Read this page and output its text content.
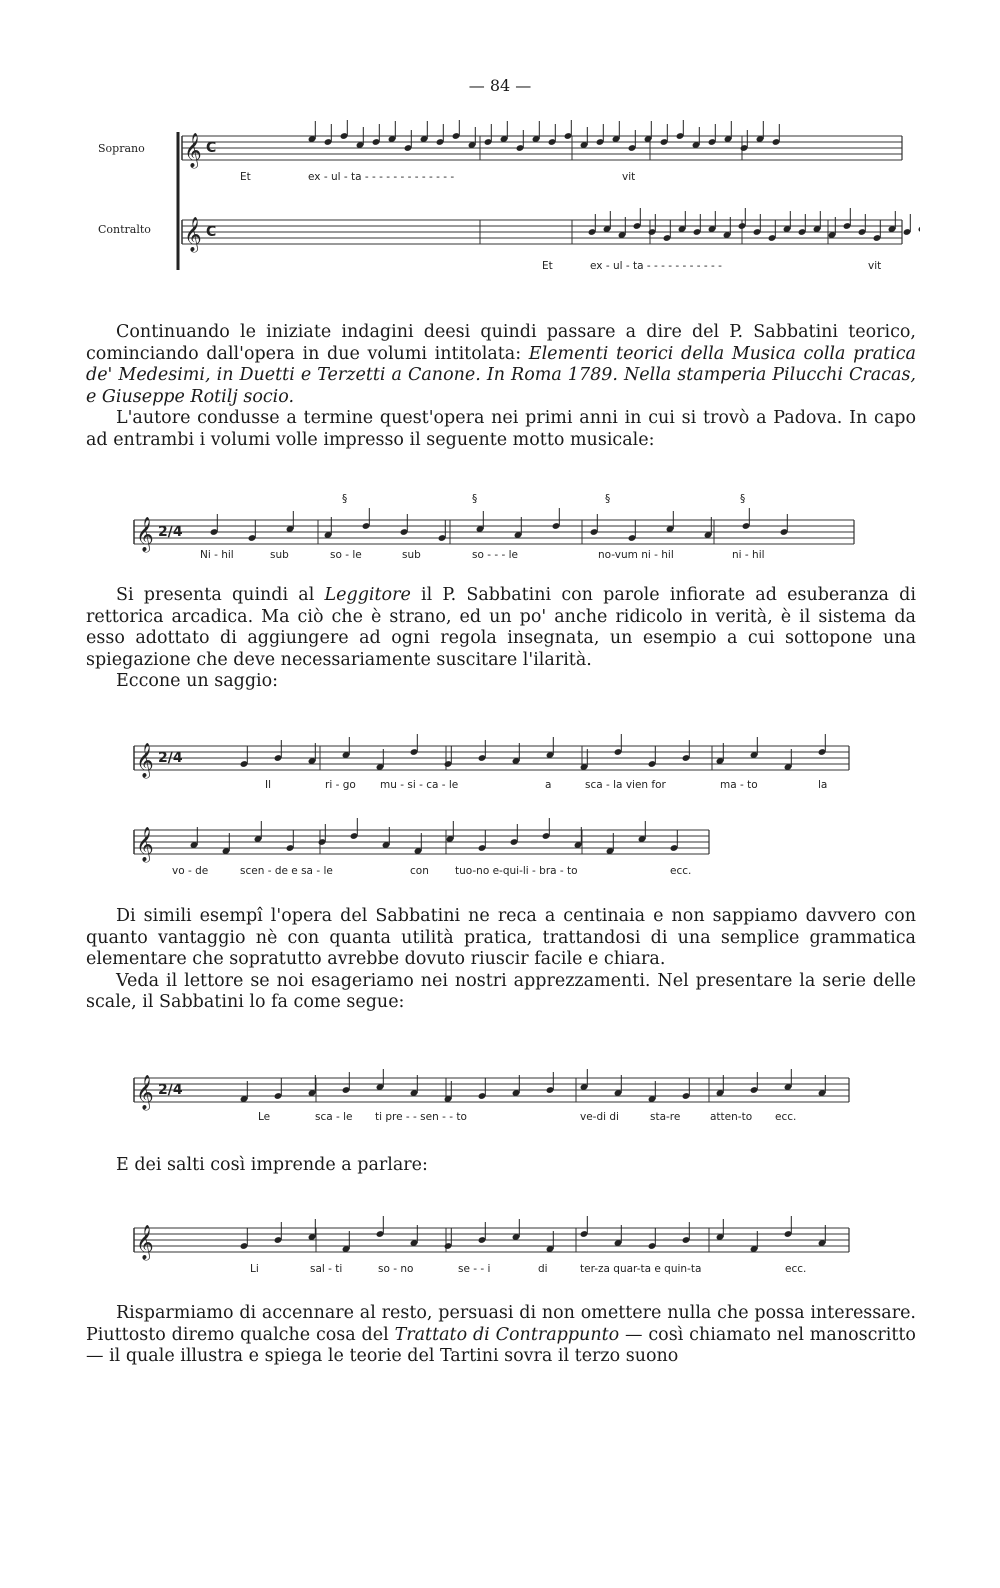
— 84 —
Soprano
Contralto
𝄞 C
𝄞 C
Et	ex - ul - ta - - - - - - - - - - - - -	vit
Et	ex - ul - ta - - - - - - - - - - -	vit

Continuando le iniziate indagini deesi quindi passare a dire del P. Sabbatini teorico, cominciando dall'opera in due volumi intitolata: Elementi teorici della Musica colla pratica de' Medesimi, in Duetti e Terzetti a Canone. In Roma 1789. Nella stamperia Pilucchi Cracas, e Giuseppe Rotilj socio.

L'autore condusse a termine quest'opera nei primi anni in cui si trovò a Padova. In capo ad entrambi i volumi volle impresso il seguente motto musicale:

𝄞 2/4
§	§	§	§
Ni - hil	sub	so - le	sub	so - - - le	no-vum ni - hil	ni - hil

Si presenta quindi al Leggitore il P. Sabbatini con parole infiorate ad esuberanza di rettorica arcadica. Ma ciò che è strano, ed un po' anche ridicolo in verità, è il sistema da esso adottato di aggiungere ad ogni regola insegnata, un esempio a cui sottopone una spiegazione che deve necessariamente suscitare l'ilarità.

Eccone un saggio:

𝄞 2/4
Il	ri - go mu - si - ca - le	a	sca - la vien for	ma - to	la
𝄞
vo - de	scen - de e sa - le	con tuo-no e-qui-li - bra - to	ecc.

Di simili esempî l'opera del Sabbatini ne reca a centinaia e non sappiamo davvero con quanto vantaggio nè con quanta utilità pratica, trattandosi di una semplice grammatica elementare che sopratutto avrebbe dovuto riuscir facile e chiara.

Veda il lettore se noi esageriamo nei nostri apprezzamenti. Nel presentare la serie delle scale, il Sabbatini lo fa come segue:

𝄞 2/4
Le	sca - le ti pre - - sen - - to	ve-di di	sta-re	atten-to ecc.

E dei salti così imprende a parlare:

𝄞
Li	sal - ti	so - no	se - - i	di	ter-za quar-ta e quin-ta	ecc.

Risparmiamo di accennare al resto, persuasi di non omettere nulla che possa interessare. Piuttosto diremo qualche cosa del Trattato di Contrappunto — così chiamato nel manoscritto — il quale illustra e spiega le teorie del Tartini sovra il terzo suono
